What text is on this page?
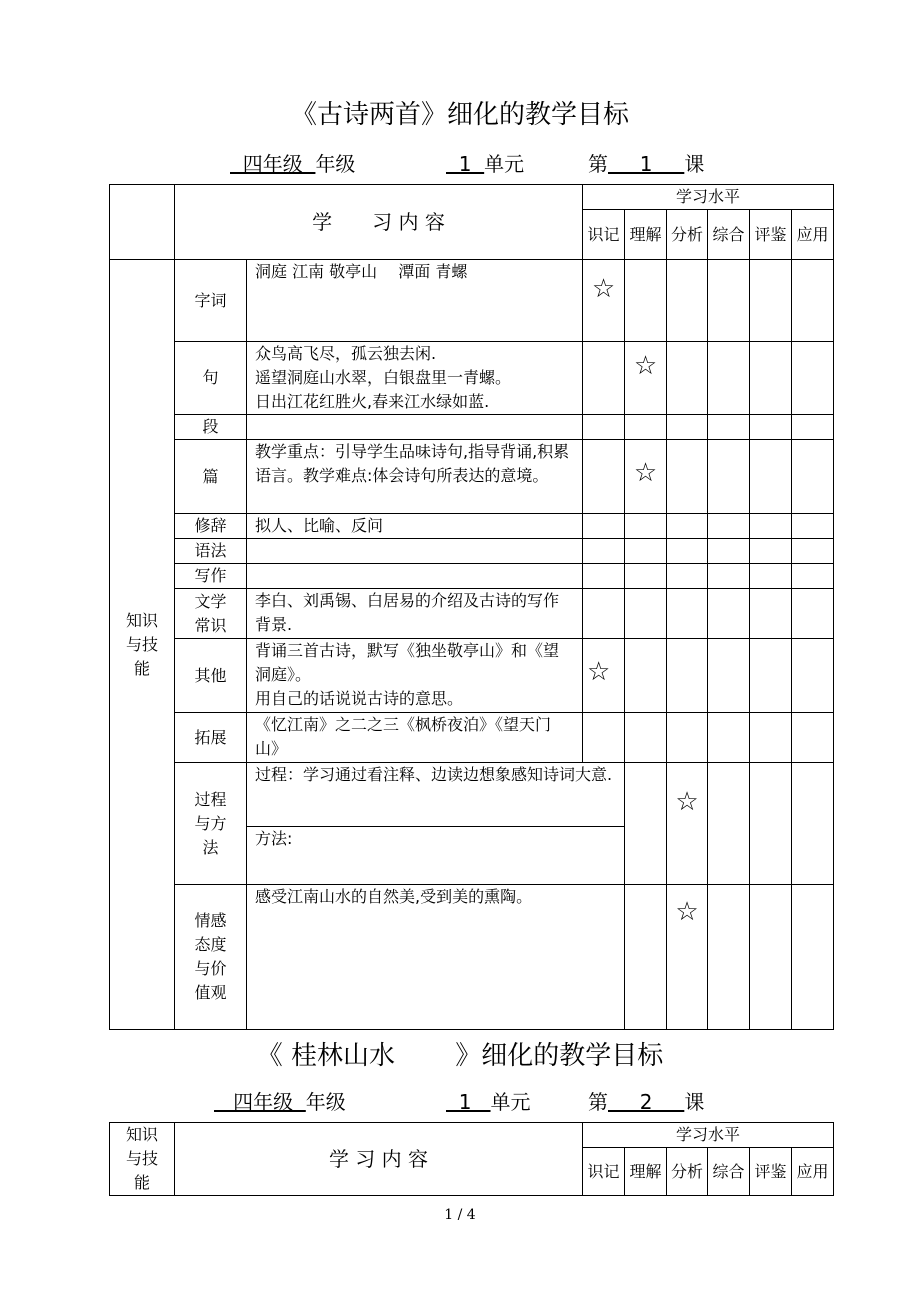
《古诗两首》细化的教学目标
四年级  年级	1  单元	第     1     课
	学　　习 内 容		学习水平						
			识记	理解	分析	综合	评鉴	应用	
知识与技能	字词	洞庭 江南 敬亭山　 潭面 青螺	☆						

	句	众鸟高飞尽，孤云独去闲.
遥望洞庭山水翠，白银盘里一青螺。
日出江花红胜火,春来江水绿如蓝.		☆					

	段								
	篇	教学重点：引导学生品味诗句,指导背诵,积累语言。教学难点:体会诗句所表达的意境。		☆					

	修辞	拟人、比喻、反问							
	语法								
	写作								
	文学常识	李白、刘禹锡、白居易的介绍及古诗的写作背景.							
	其他	背诵三首古诗，默写《独坐敬亭山》和《望洞庭》。
用自己的话说说古诗的意思。	☆						

	拓展	《忆江南》之二之三《枫桥夜泊》《望天门山》							
	过程与方法	过程：学习通过看注释、边读边想象感知诗词大意.			☆				

		方法:							
	情感态度与价值观	感受江南山水的自然美,受到美的熏陶。			☆				

《 桂林山水　　 》细化的教学目标
四年级  年级	1   单元	第     2     课
知识与技能	学 习 内 容	学习水平					
		识记	理解	分析	综合	评鉴	应用
1 / 4
